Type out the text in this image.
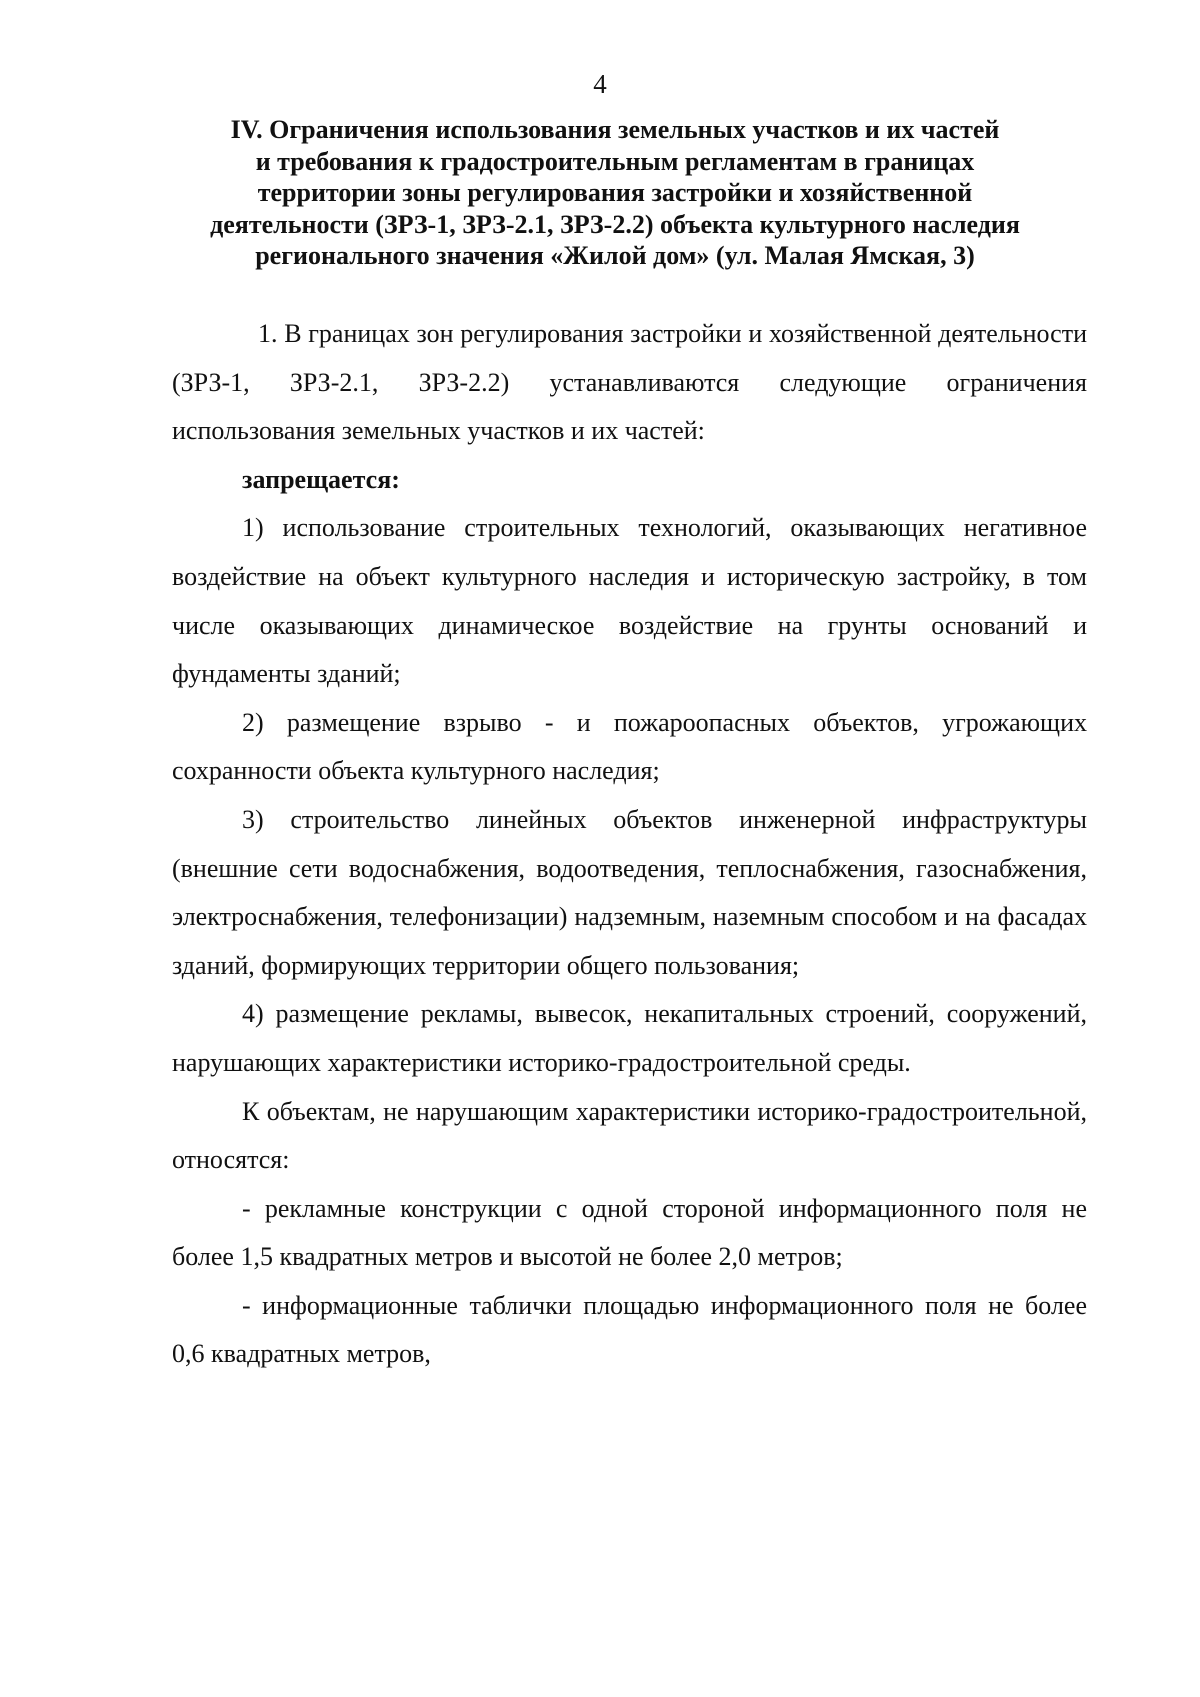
4
IV. Ограничения использования земельных участков и их частей
и требования к градостроительным регламентам в границах
территории зоны регулирования застройки и хозяйственной
деятельности (ЗРЗ-1, ЗРЗ-2.1, ЗРЗ-2.2) объекта культурного наследия
регионального значения «Жилой дом» (ул. Малая Ямская, 3)

1. В границах зон регулирования застройки и хозяйственной деятельности (ЗРЗ-1, ЗРЗ-2.1, ЗРЗ-2.2) устанавливаются следующие ограничения использования земельных участков и их частей:

запрещается:

1) использование строительных технологий, оказывающих негативное воздействие на объект культурного наследия и историческую застройку, в том числе оказывающих динамическое воздействие на грунты оснований и фундаменты зданий;

2) размещение взрыво - и пожароопасных объектов, угрожающих сохранности объекта культурного наследия;

3) строительство линейных объектов инженерной инфраструктуры (внешние сети водоснабжения, водоотведения, теплоснабжения, газоснабжения, электроснабжения, телефонизации) надземным, наземным способом и на фасадах зданий, формирующих территории общего пользования;

4) размещение рекламы, вывесок, некапитальных строений, сооружений, нарушающих характеристики историко-градостроительной среды.

К объектам, не нарушающим характеристики историко-градостроительной, относятся:

- рекламные конструкции с одной стороной информационного поля не более 1,5 квадратных метров и высотой не более 2,0 метров;

- информационные таблички площадью информационного поля не более 0,6 квадратных метров,
